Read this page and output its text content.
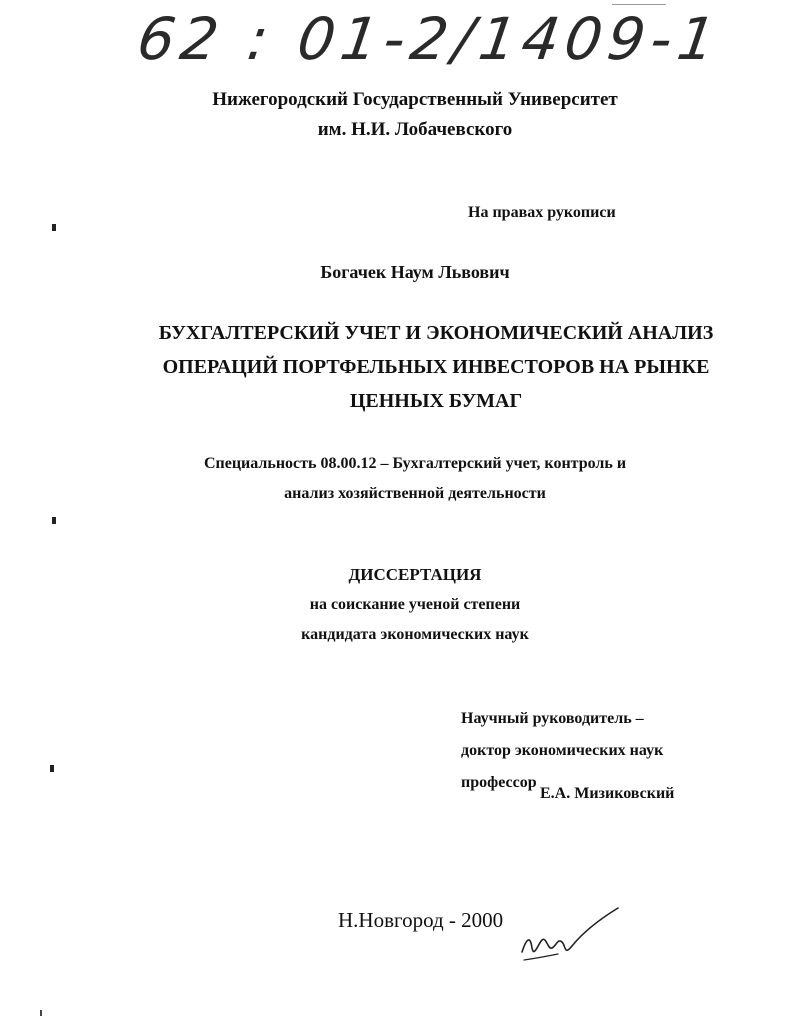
62 : 01-2/1409-1
Нижегородский Государственный Университет
им. Н.И. Лобачевского
На правах рукописи
Богачек Наум Львович
БУХГАЛТЕРСКИЙ УЧЕТ И ЭКОНОМИЧЕСКИЙ АНАЛИЗ
ОПЕРАЦИЙ ПОРТФЕЛЬНЫХ ИНВЕСТОРОВ НА РЫНКЕ
ЦЕННЫХ БУМАГ
Специальность 08.00.12 – Бухгалтерский учет, контроль и
анализ хозяйственной деятельности
ДИССЕРТАЦИЯ
на соискание ученой степени
кандидата экономических наук
Научный руководитель –
доктор экономических наук
профессор
Е.А. Мизиковский
Н.Новгород - 2000
